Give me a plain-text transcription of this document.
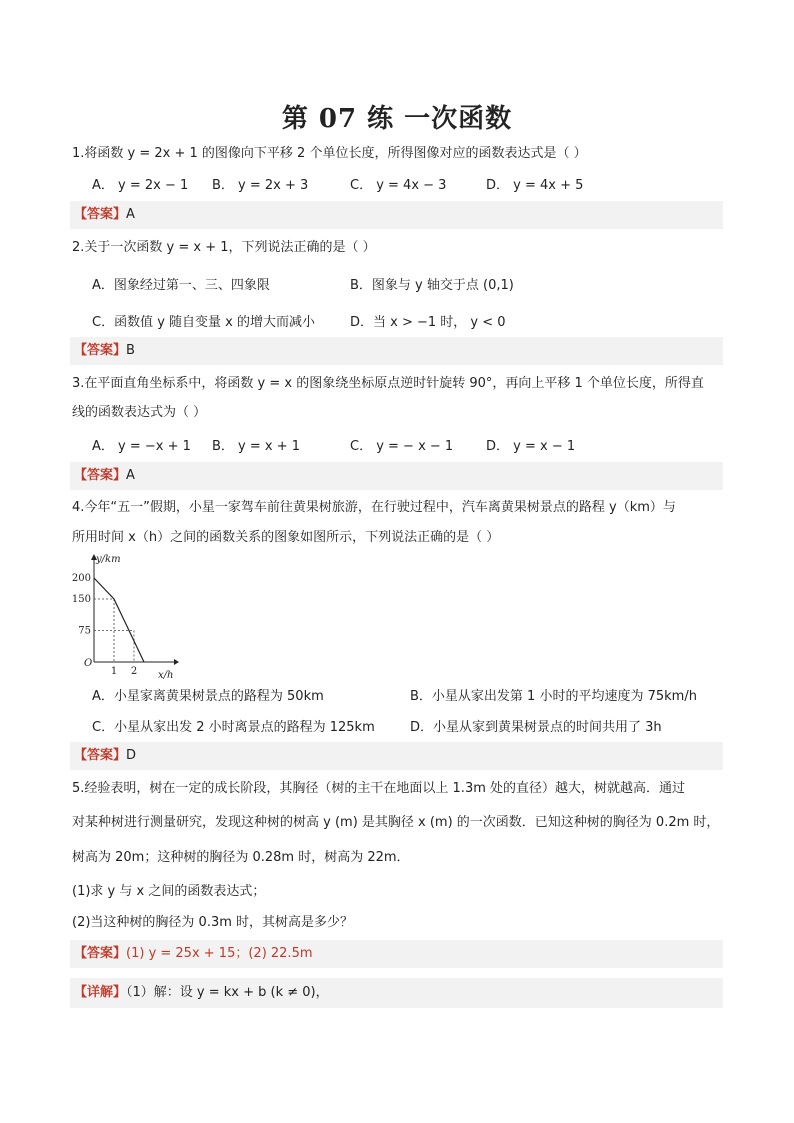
第 07 练 一次函数
1.将函数 y = 2x + 1 的图像向下平移 2 个单位长度，所得图像对应的函数表达式是（ ）
A． y = 2x − 1 B． y = 2x + 3	C． y = 4x − 3	D． y = 4x + 5
【答案】A
2.关于一次函数 y = x + 1，下列说法正确的是（ ）
A．图象经过第一、三、四象限	B．图象与 y 轴交于点 (0,1)
C．函数值 y 随自变量 x 的增大而减小	D．当 x > −1 时， y < 0
【答案】B
3.在平面直角坐标系中，将函数 y = x 的图象绕坐标原点逆时针旋转 90°，再向上平移 1 个单位长度，所得直
线的函数表达式为（ ）
A． y = −x + 1 B． y = x + 1	C． y = − x − 1	D． y = x − 1
【答案】A
4.今年“五一”假期，小星一家驾车前往黄果树旅游，在行驶过程中，汽车离黄果树景点的路程 y（km）与
所用时间 x（h）之间的函数关系的图象如图所示，下列说法正确的是（ ）
y/km
x/h
O
75
150
200
1 2
A．小星家离黄果树景点的路程为 50km	B．小星从家出发第 1 小时的平均速度为 75km/h
C．小星从家出发 2 小时离景点的路程为 125km	D．小星从家到黄果树景点的时间共用了 3h
【答案】D
5.经验表明，树在一定的成长阶段，其胸径（树的主干在地面以上 1.3m 处的直径）越大，树就越高．通过
对某种树进行测量研究，发现这种树的树高 y (m) 是其胸径 x (m) 的一次函数．已知这种树的胸径为 0.2m 时，
树高为 20m；这种树的胸径为 0.28m 时，树高为 22m．
(1)求 y 与 x 之间的函数表达式；
(2)当这种树的胸径为 0.3m 时，其树高是多少？
【答案】(1) y = 25x + 15；(2) 22.5m
【详解】（1）解：设 y = kx + b (k ≠ 0)，
